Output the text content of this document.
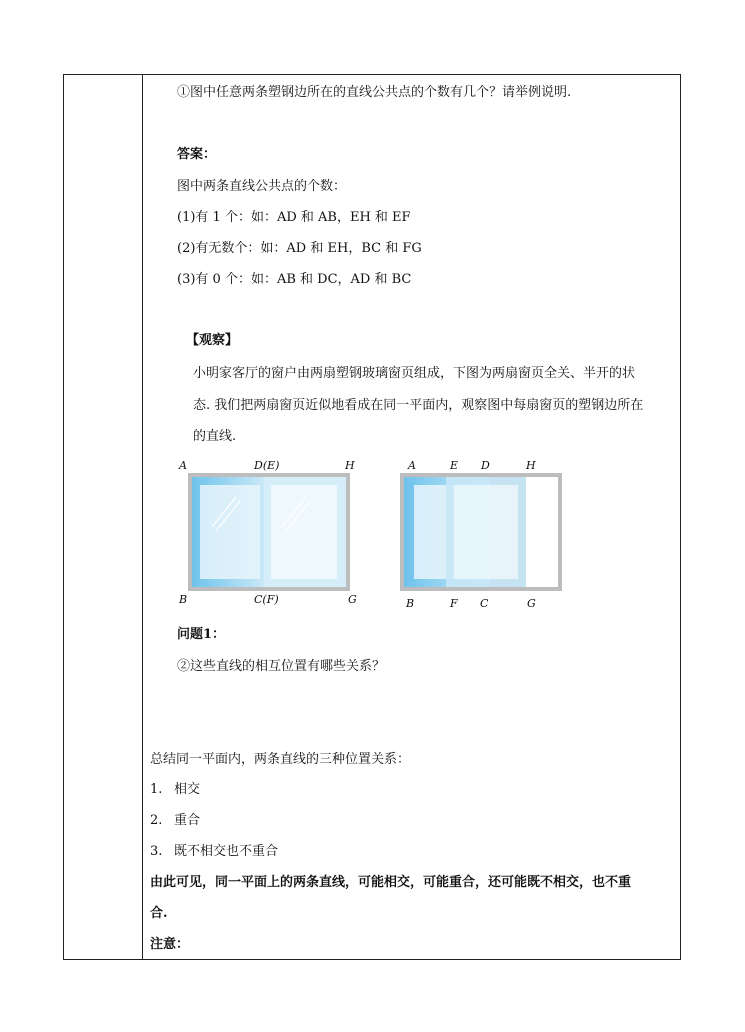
①图中任意两条塑钢边所在的直线公共点的个数有几个？请举例说明.
答案：
图中两条直线公共点的个数：
(1)有 1 个：如：AD 和 AB，EH 和 EF
(2)有无数个：如：AD 和 EH，BC 和 FG
(3)有 0 个：如：AB 和 DC，AD 和 BC
【观察】
小明家客厅的窗户由两扇塑钢玻璃窗页组成，下图为两扇窗页全关、半开的状
态. 我们把两扇窗页近似地看成在同一平面内，观察图中每扇窗页的塑钢边所在
的直线.
A	D(E)	H
B	C(F)	G
A	E D	H
B	F C	G
问题1：
②这些直线的相互位置有哪些关系？
总结同一平面内，两条直线的三种位置关系：
1. 相交
2. 重合
3. 既不相交也不重合
由此可见，同一平面上的两条直线，可能相交，可能重合，还可能既不相交，也不重
合.
注意：
